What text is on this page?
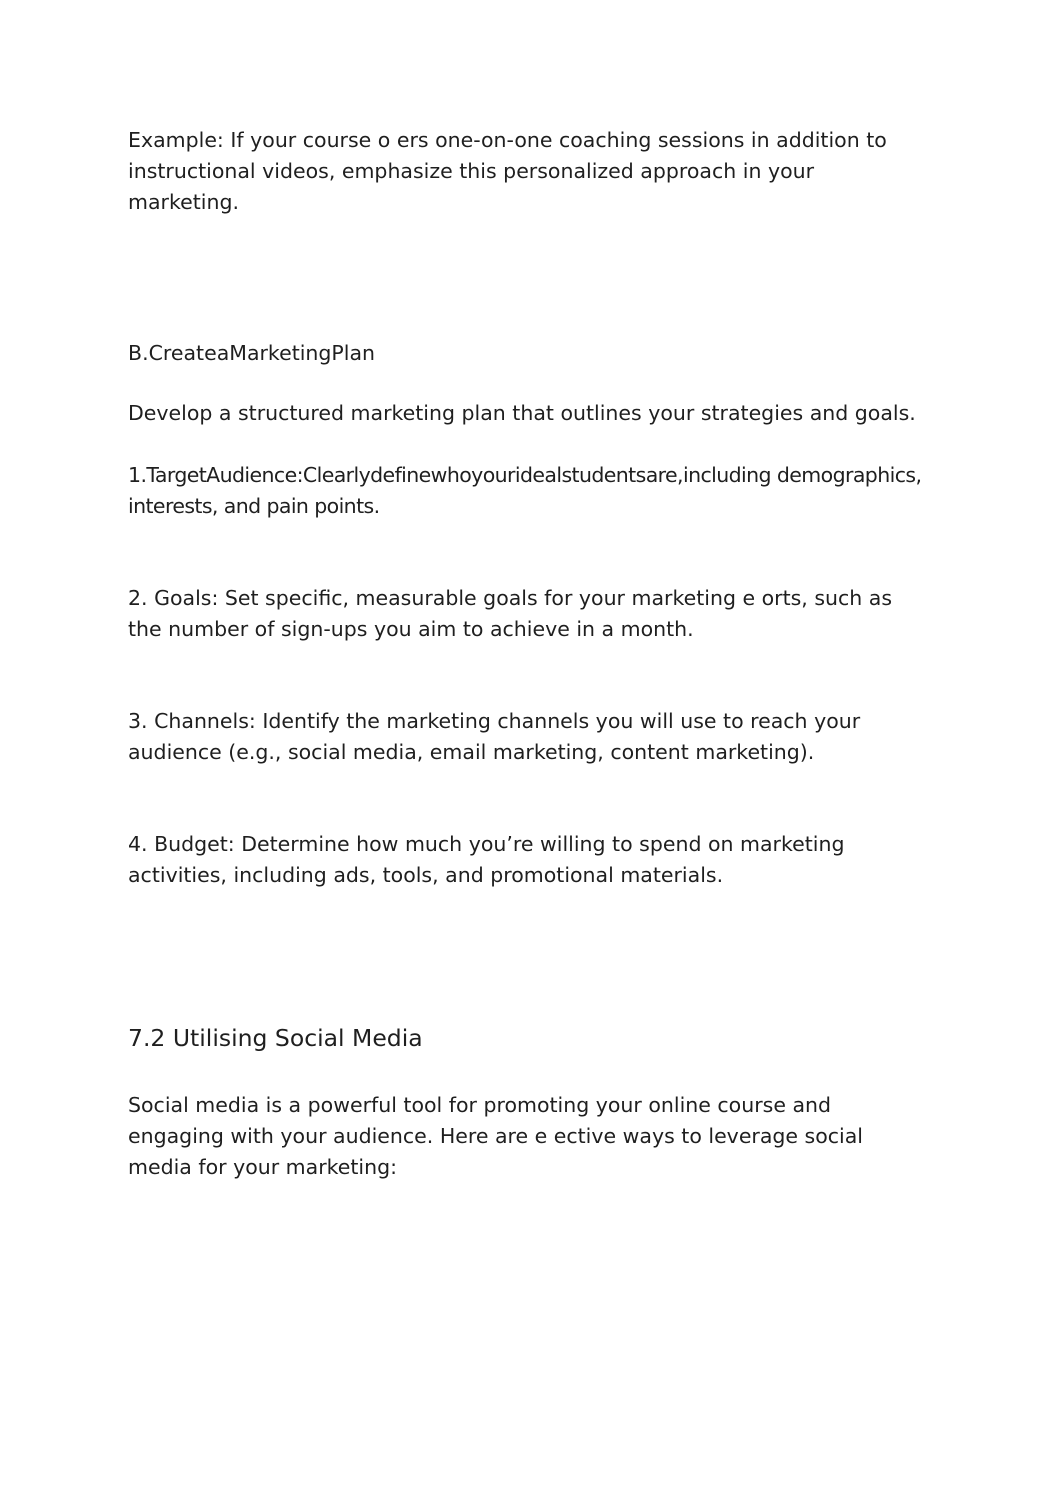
Example: If your course o ers one-on-one coaching sessions in addition to instructional videos, emphasize this personalized approach in your marketing.

B.CreateaMarketingPlan

Develop a structured marketing plan that outlines your strategies and goals.

1.TargetAudience:Clearlydefinewhoyouridealstudentsare,including demographics, interests, and pain points.

2. Goals: Set specific, measurable goals for your marketing e orts, such as the number of sign-ups you aim to achieve in a month.

3. Channels: Identify the marketing channels you will use to reach your audience (e.g., social media, email marketing, content marketing).

4. Budget: Determine how much you’re willing to spend on marketing activities, including ads, tools, and promotional materials.

7.2 Utilising Social Media

Social media is a powerful tool for promoting your online course and engaging with your audience. Here are e ective ways to leverage social media for your marketing:
